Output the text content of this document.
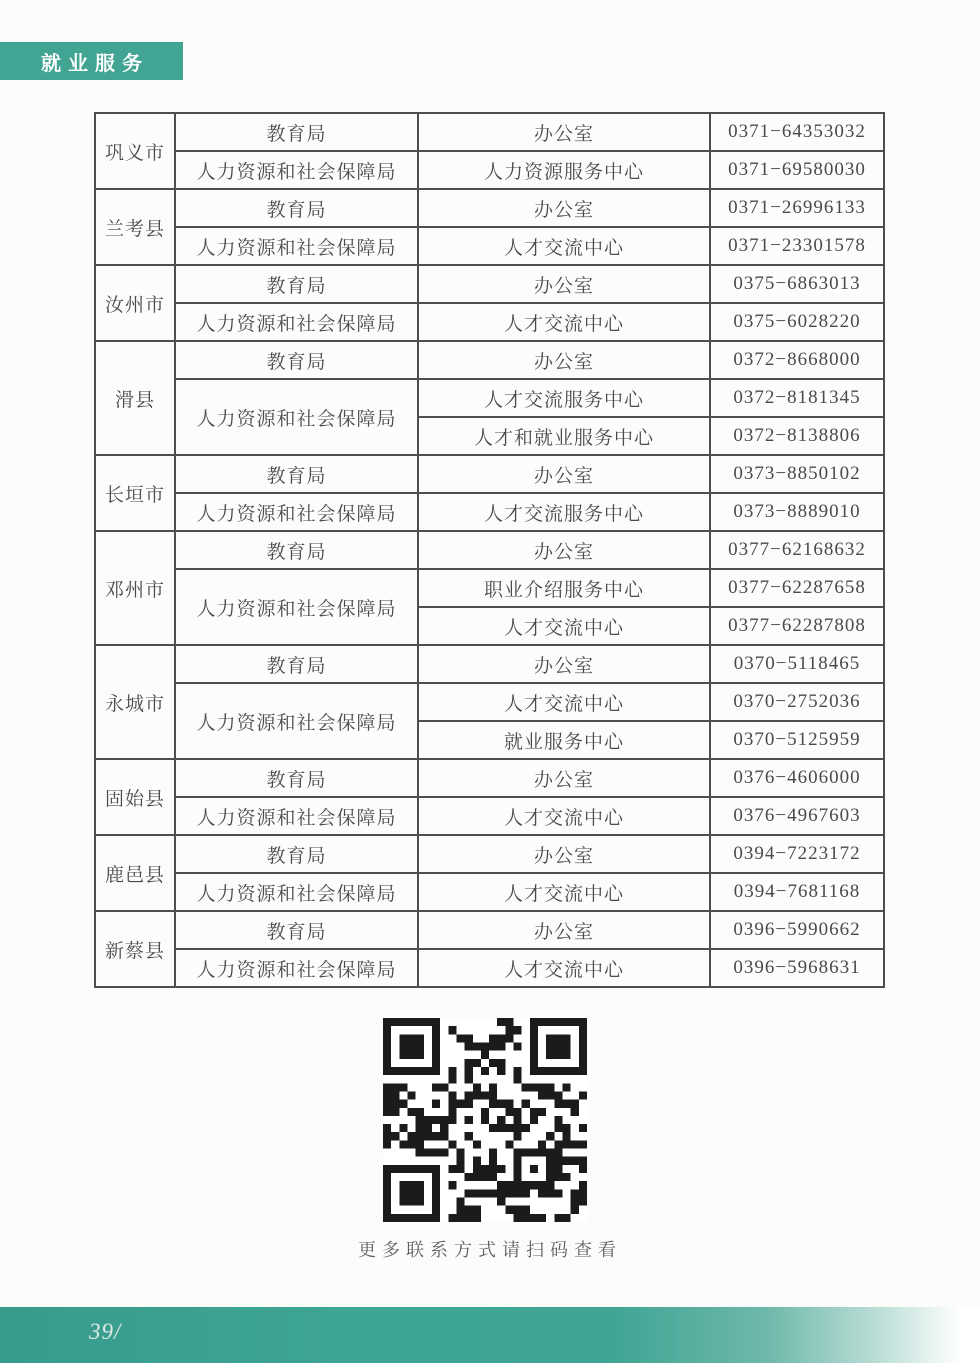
就业服务
巩义市	教育局	办公室	0371−64353032
	人力资源和社会保障局	人力资源服务中心	0371−69580030
兰考县	教育局	办公室	0371−26996133
	人力资源和社会保障局	人才交流中心	0371−23301578
汝州市	教育局	办公室	0375−6863013
	人力资源和社会保障局	人才交流中心	0375−6028220
滑县	教育局	办公室	0372−8668000
	人力资源和社会保障局	人才交流服务中心	0372−8181345
		人才和就业服务中心	0372−8138806
长垣市	教育局	办公室	0373−8850102
	人力资源和社会保障局	人才交流服务中心	0373−8889010
邓州市	教育局	办公室	0377−62168632
	人力资源和社会保障局	职业介绍服务中心	0377−62287658
		人才交流中心	0377−62287808
永城市	教育局	办公室	0370−5118465
	人力资源和社会保障局	人才交流中心	0370−2752036
		就业服务中心	0370−5125959
固始县	教育局	办公室	0376−4606000
	人力资源和社会保障局	人才交流中心	0376−4967603
鹿邑县	教育局	办公室	0394−7223172
	人力资源和社会保障局	人才交流中心	0394−7681168
新蔡县	教育局	办公室	0396−5990662
	人力资源和社会保障局	人才交流中心	0396−5968631
更多联系方式请扫码查看
39/
